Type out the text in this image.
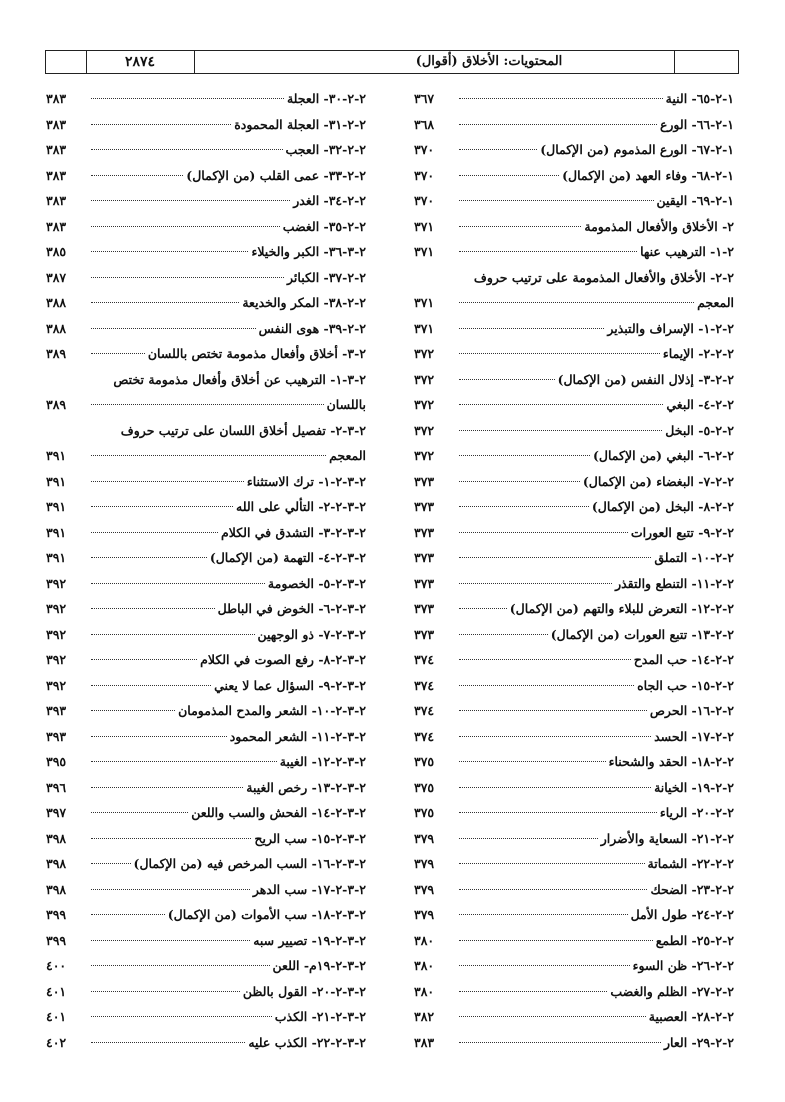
٢٨٧٤	المحتويات: الأخلاق (أقوال)
١-٢-٦٥- النية
٣٦٧
١-٢-٦٦- الورع
٣٦٨
١-٢-٦٧- الورع المذموم (من الإكمال)
٣٧٠
١-٢-٦٨- وفاء العهد (من الإكمال)
٣٧٠
١-٢-٦٩- اليقين
٣٧٠
٢- الأخلاق والأفعال المذمومة
٣٧١
٢-١- الترهيب عنها
٣٧١
٢-٢- الأخلاق والأفعال المذمومة على ترتيب حروف
المعجم
٣٧١
٢-٢-١- الإسراف والتبذير
٣٧١
٢-٢-٢- الإيماء
٣٧٢
٢-٢-٣- إذلال النفس (من الإكمال)
٣٧٢
٢-٢-٤- البغي
٣٧٢
٢-٢-٥- البخل
٣٧٢
٢-٢-٦- البغي (من الإكمال)
٣٧٢
٢-٢-٧- البغضاء (من الإكمال)
٣٧٣
٢-٢-٨- البخل (من الإكمال)
٣٧٣
٢-٢-٩- تتبع العورات
٣٧٣
٢-٢-١٠- التملق
٣٧٣
٢-٢-١١- التنطع والتقذر
٣٧٣
٢-٢-١٢- التعرض للبلاء والتهم (من الإكمال)
٣٧٣
٢-٢-١٣- تتبع العورات (من الإكمال)
٣٧٣
٢-٢-١٤- حب المدح
٣٧٤
٢-٢-١٥- حب الجاه
٣٧٤
٢-٢-١٦- الحرص
٣٧٤
٢-٢-١٧- الحسد
٣٧٤
٢-٢-١٨- الحقد والشحناء
٣٧٥
٢-٢-١٩- الخيانة
٣٧٥
٢-٢-٢٠- الرياء
٣٧٥
٢-٢-٢١- السعاية والأضرار
٣٧٩
٢-٢-٢٢- الشماتة
٣٧٩
٢-٢-٢٣- الضحك
٣٧٩
٢-٢-٢٤- طول الأمل
٣٧٩
٢-٢-٢٥- الطمع
٣٨٠
٢-٢-٢٦- ظن السوء
٣٨٠
٢-٢-٢٧- الظلم والغضب
٣٨٠
٢-٢-٢٨- العصبية
٣٨٢
٢-٢-٢٩- العار
٣٨٣
٢-٢-٣٠- العجلة
٣٨٣
٢-٢-٣١- العجلة المحمودة
٣٨٣
٢-٢-٣٢- العجب
٣٨٣
٢-٢-٣٣- عمى القلب (من الإكمال)
٣٨٣
٢-٢-٣٤- الغدر
٣٨٣
٢-٢-٣٥- الغضب
٣٨٣
٢-٣-٣٦- الكبر والخيلاء
٣٨٥
٢-٢-٣٧- الكبائر
٣٨٧
٢-٢-٣٨- المكر والخديعة
٣٨٨
٢-٢-٣٩- هوى النفس
٣٨٨
٢-٣- أخلاق وأفعال مذمومة تختص باللسان
٣٨٩
٢-٣-١- الترهيب عن أخلاق وأفعال مذمومة تختص
باللسان
٣٨٩
٢-٣-٢- تفصيل أخلاق اللسان على ترتيب حروف
المعجم
٣٩١
٢-٣-٢-١- ترك الاستثناء
٣٩١
٢-٣-٢-٢- التألي على الله
٣٩١
٢-٣-٢-٣- التشدق في الكلام
٣٩١
٢-٣-٢-٤- التهمة (من الإكمال)
٣٩١
٢-٣-٢-٥- الخصومة
٣٩٢
٢-٣-٢-٦- الخوض في الباطل
٣٩٢
٢-٣-٢-٧- ذو الوجهين
٣٩٢
٢-٣-٢-٨- رفع الصوت في الكلام
٣٩٢
٢-٣-٢-٩- السؤال عما لا يعني
٣٩٢
٢-٣-٢-١٠- الشعر والمدح المذمومان
٣٩٣
٢-٣-٢-١١- الشعر المحمود
٣٩٣
٢-٣-٢-١٢- الغيبة
٣٩٥
٢-٣-٢-١٣- رخص الغيبة
٣٩٦
٢-٣-٢-١٤- الفحش والسب واللعن
٣٩٧
٢-٣-٢-١٥- سب الريح
٣٩٨
٢-٣-٢-١٦- السب المرخص فيه (من الإكمال)
٣٩٨
٢-٣-٢-١٧- سب الدهر
٣٩٨
٢-٣-٢-١٨- سب الأموات (من الإكمال)
٣٩٩
٢-٣-٢-١٩- تصيير سبه
٣٩٩
٢-٣-٢-١٩م- اللعن
٤٠٠
٢-٣-٢-٢٠- القول بالظن
٤٠١
٢-٣-٢-٢١- الكذب
٤٠١
٢-٣-٢-٢٢- الكذب عليه
٤٠٢
